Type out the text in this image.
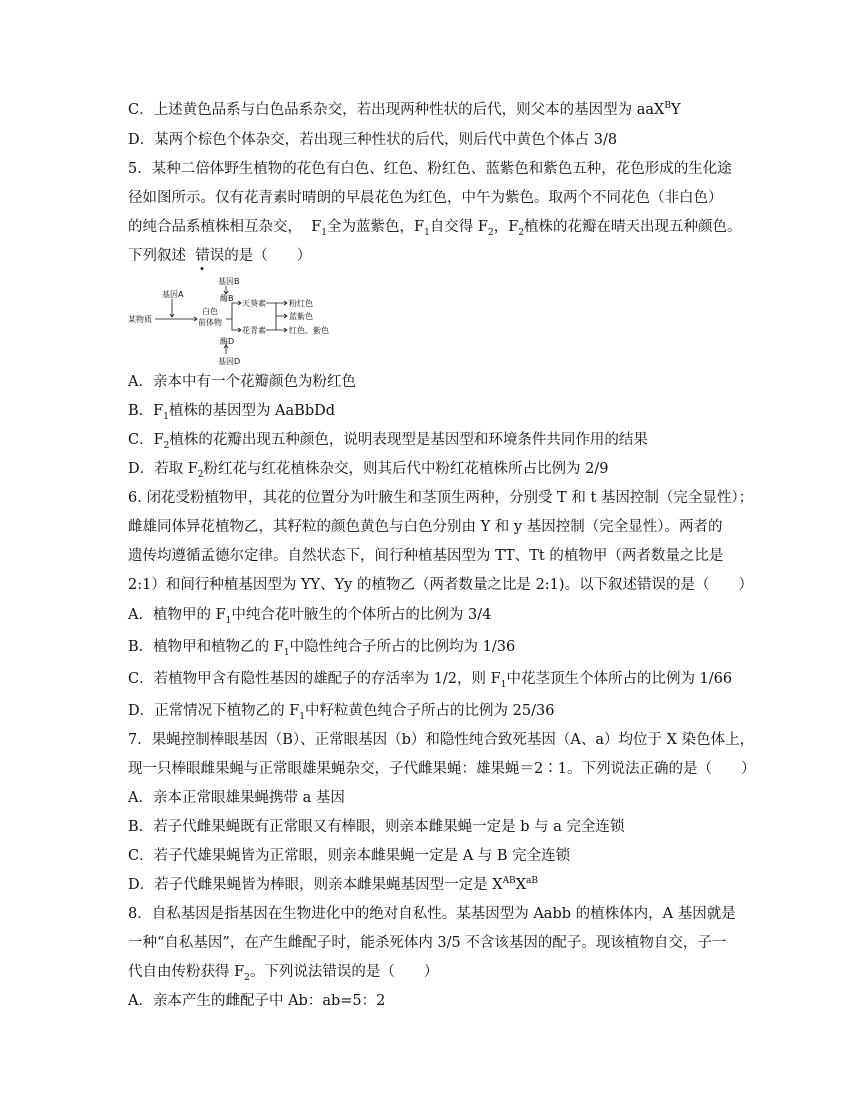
C．上述黄色品系与白色品系杂交，若出现两种性状的后代，则父本的基因型为 aaX$^B$Y
D．某两个棕色个体杂交，若出现三种性状的后代，则后代中黄色个体占 3/8
5．某种二倍体野生植物的花色有白色、红色、粉红色、蓝紫色和紫色五种，花色形成的生化途
径如图所示。仅有花青素时晴朗的早晨花色为红色，中午为紫色。取两个不同花色（非白色）
的纯合品系植株相互杂交， $F_1$全为蓝紫色，$F_1$自交得 $F_2$，$F_2$植株的花瓣在晴天出现五种颜色。
下列叙述 错误的是（　　）
基因B
酶B
基因A
某物质
白色
前体物
天葵素
花青素
粉红色
蓝紫色
红色、紫色
酶D
基因D
A．亲本中有一个花瓣颜色为粉红色
B．$F_1$植株的基因型为 AaBbDd
C．$F_2$植株的花瓣出现五种颜色，说明表现型是基因型和环境条件共同作用的结果
D．若取 $F_2$粉红花与红花植株杂交，则其后代中粉红花植株所占比例为 2/9
6. 闭花受粉植物甲，其花的位置分为叶腋生和茎顶生两种，分别受 T 和 t 基因控制（完全显性）；
雌雄同体异花植物乙，其籽粒的颜色黄色与白色分别由 Y 和 y 基因控制（完全显性）。两者的
遗传均遵循孟德尔定律。自然状态下，间行种植基因型为 TT、Tt 的植物甲（两者数量之比是
2:1）和间行种植基因型为 YY、Yy 的植物乙（两者数量之比是 2:1)。以下叙述错误的是（　　）
A．植物甲的 $F_1$中纯合花叶腋生的个体所占的比例为 3/4
B．植物甲和植物乙的 $F_1$中隐性纯合子所占的比例均为 1/36
C．若植物甲含有隐性基因的雄配子的存活率为 1/2，则 $F_1$中花茎顶生个体所占的比例为 1/66
D．正常情况下植物乙的 $F_1$中籽粒黄色纯合子所占的比例为 25/36
7．果蝇控制棒眼基因（B）、正常眼基因（b）和隐性纯合致死基因（A、a）均位于 X 染色体上，
现一只棒眼雌果蝇与正常眼雄果蝇杂交，子代雌果蝇：雄果蝇＝2∶1。下列说法正确的是（　　）
A．亲本正常眼雄果蝇携带 a 基因
B．若子代雌果蝇既有正常眼又有棒眼，则亲本雌果蝇一定是 b 与 a 完全连锁
C．若子代雄果蝇皆为正常眼，则亲本雌果蝇一定是 A 与 B 完全连锁
D．若子代雌果蝇皆为棒眼，则亲本雌果蝇基因型一定是 $X^{AB}X^{aB}$
8．自私基因是指基因在生物进化中的绝对自私性。某基因型为 Aabb 的植株体内，A 基因就是
一种“自私基因”，在产生雌配子时，能杀死体内 3/5 不含该基因的配子。现该植物自交，子一
代自由传粉获得 $F_2$。下列说法错误的是（　　）
A．亲本产生的雌配子中 Ab：ab=5：2
